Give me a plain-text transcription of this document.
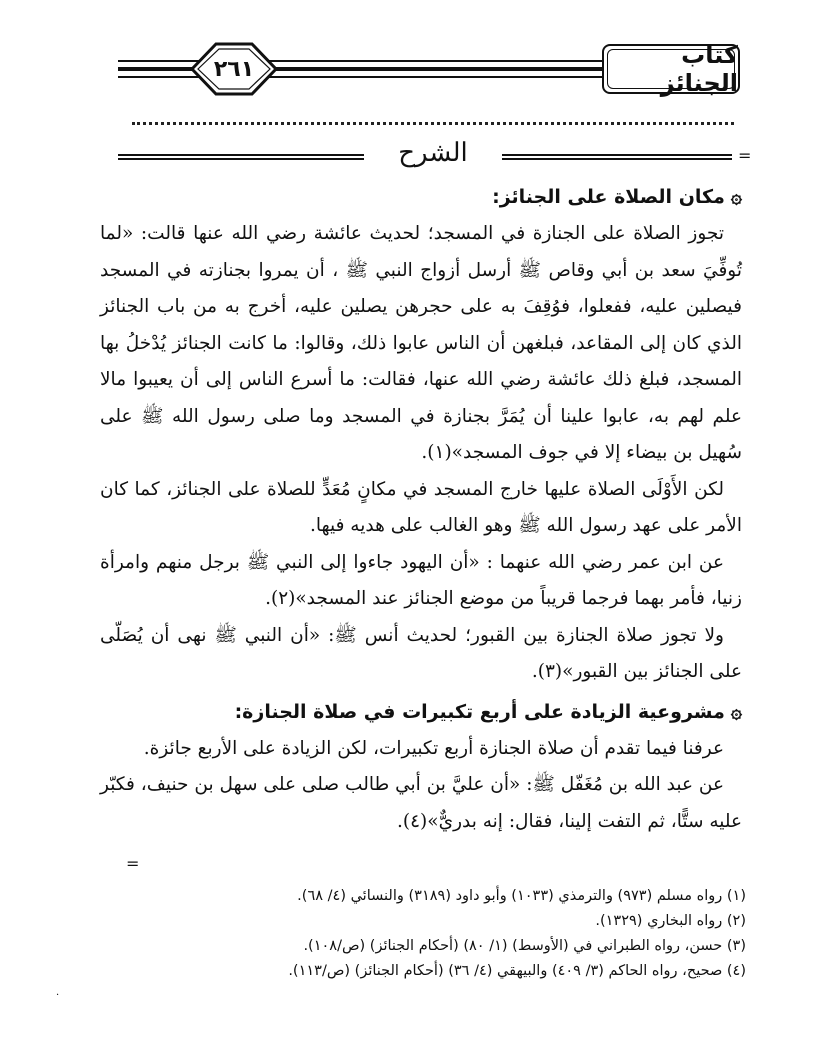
٢٦١	كتاب الجنائز
الشرح	=
۞مكان الصلاة على الجنائز:

تجوز الصلاة على الجنازة في المسجد؛ لحديث عائشة رضي الله عنها قالت: «لما تُوفِّيَ سعد بن أبي وقاص ﷺ أرسل أزواج النبي ﷺ ، أن يمروا بجنازته في المسجد فيصلين عليه، ففعلوا، فوُقِفَ به على حجرهن يصلين عليه، أخرج به من باب الجنائز الذي كان إلى المقاعد، فبلغهن أن الناس عابوا ذلك، وقالوا: ما كانت الجنائز يُدْخلُ بها المسجد، فبلغ ذلك عائشة رضي الله عنها، فقالت: ما أسرع الناس إلى أن يعيبوا مالا علم لهم به، عابوا علينا أن يُمَرَّ بجنازة في المسجد وما صلى رسول الله ﷺ على سُهيل بن بيضاء إلا في جوف المسجد»(١).

لكن الأَوْلَى الصلاة عليها خارج المسجد في مكانٍ مُعَدٍّ للصلاة على الجنائز، كما كان الأمر على عهد رسول الله ﷺ وهو الغالب على هديه فيها.

عن ابن عمر رضي الله عنهما : «أن اليهود جاءوا إلى النبي ﷺ برجل منهم وامرأة زنيا، فأمر بهما فرجما قريباً من موضع الجنائز عند المسجد»(٢).

ولا تجوز صلاة الجنازة بين القبور؛ لحديث أنس ﷺ: «أن النبي ﷺ نهى أن يُصَلّى على الجنائز بين القبور»(٣).

۞مشروعية الزيادة على أربع تكبيرات في صلاة الجنازة:

عرفنا فيما تقدم أن صلاة الجنازة أربع تكبيرات، لكن الزيادة على الأربع جائزة.

عن عبد الله بن مُغَفّل ﷺ: «أن عليَّ بن أبي طالب صلى على سهل بن حنيف، فكبّر عليه ستًّا، ثم التفت إلينا، فقال: إنه بدريٌّ»(٤).

=

(١) رواه مسلم (٩٧٣) والترمذي (١٠٣٣) وأبو داود (٣١٨٩) والنسائي (٤/ ٦٨).

(٢) رواه البخاري (١٣٢٩).

(٣) حسن، رواه الطبراني في (الأوسط) (١/ ٨٠) (أحكام الجنائز) (ص/١٠٨).

(٤) صحيح، رواه الحاكم (٣/ ٤٠٩) والبيهقي (٤/ ٣٦) (أحكام الجنائز) (ص/١١٣).

·
